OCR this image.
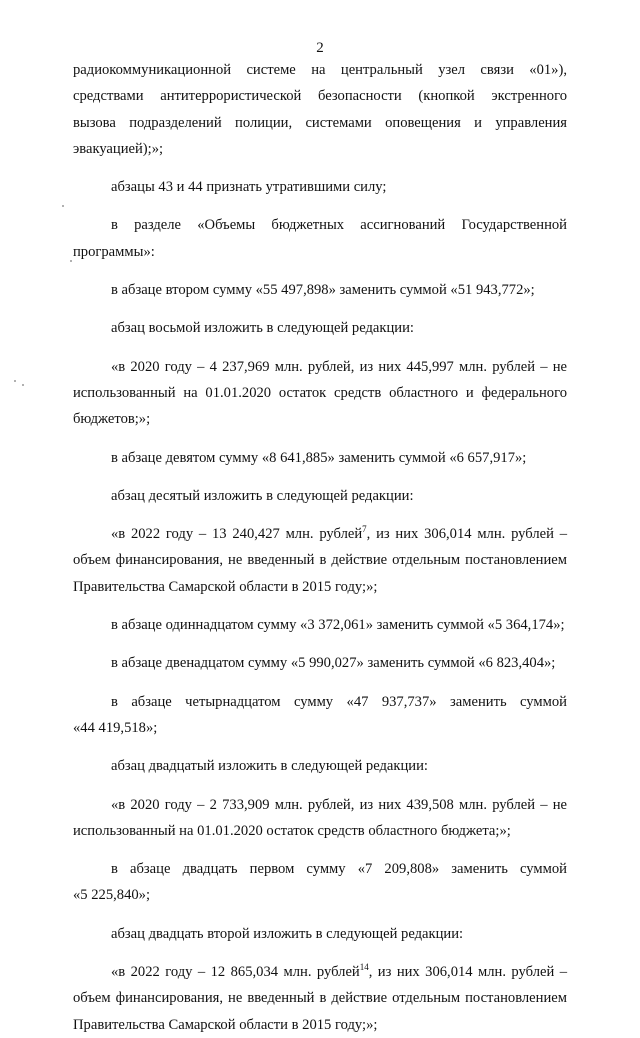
2

радиокоммуникационной системе на центральный узел связи «01»),
средствами антитеррористической безопасности (кнопкой экстренного
вызова подразделений полиции, системами оповещения и управления
эвакуацией);»;

абзацы 43 и 44 признать утратившими силу;

в разделе «Объемы бюджетных ассигнований Государственной
программы»:

в абзаце втором сумму «55 497,898» заменить суммой «51 943,772»;

абзац восьмой изложить в следующей редакции:

«в 2020 году – 4 237,969 млн. рублей, из них 445,997 млн. рублей – не
использованный на 01.01.2020 остаток средств областного и федерального
бюджетов;»;

в абзаце девятом сумму «8 641,885» заменить суммой «6 657,917»;

абзац десятый изложить в следующей редакции:

«в 2022 году – 13 240,427 млн. рублей$^7$, из них 306,014 млн. рублей –
объем финансирования, не введенный в действие отдельным постановлением
Правительства Самарской области в 2015 году;»;

в абзаце одиннадцатом сумму «3 372,061» заменить суммой «5 364,174»;

в абзаце двенадцатом сумму «5 990,027» заменить суммой «6 823,404»;

в абзаце четырнадцатом сумму «47 937,737» заменить суммой
«44 419,518»;

абзац двадцатый изложить в следующей редакции:

«в 2020 году – 2 733,909 млн. рублей, из них 439,508 млн. рублей – не
использованный на 01.01.2020 остаток средств областного бюджета;»;

в абзаце двадцать первом сумму «7 209,808» заменить суммой
«5 225,840»;

абзац двадцать второй изложить в следующей редакции:

«в 2022 году – 12 865,034 млн. рублей$^{14}$, из них 306,014 млн. рублей –
объем финансирования, не введенный в действие отдельным постановлением
Правительства Самарской области в 2015 году;»;
